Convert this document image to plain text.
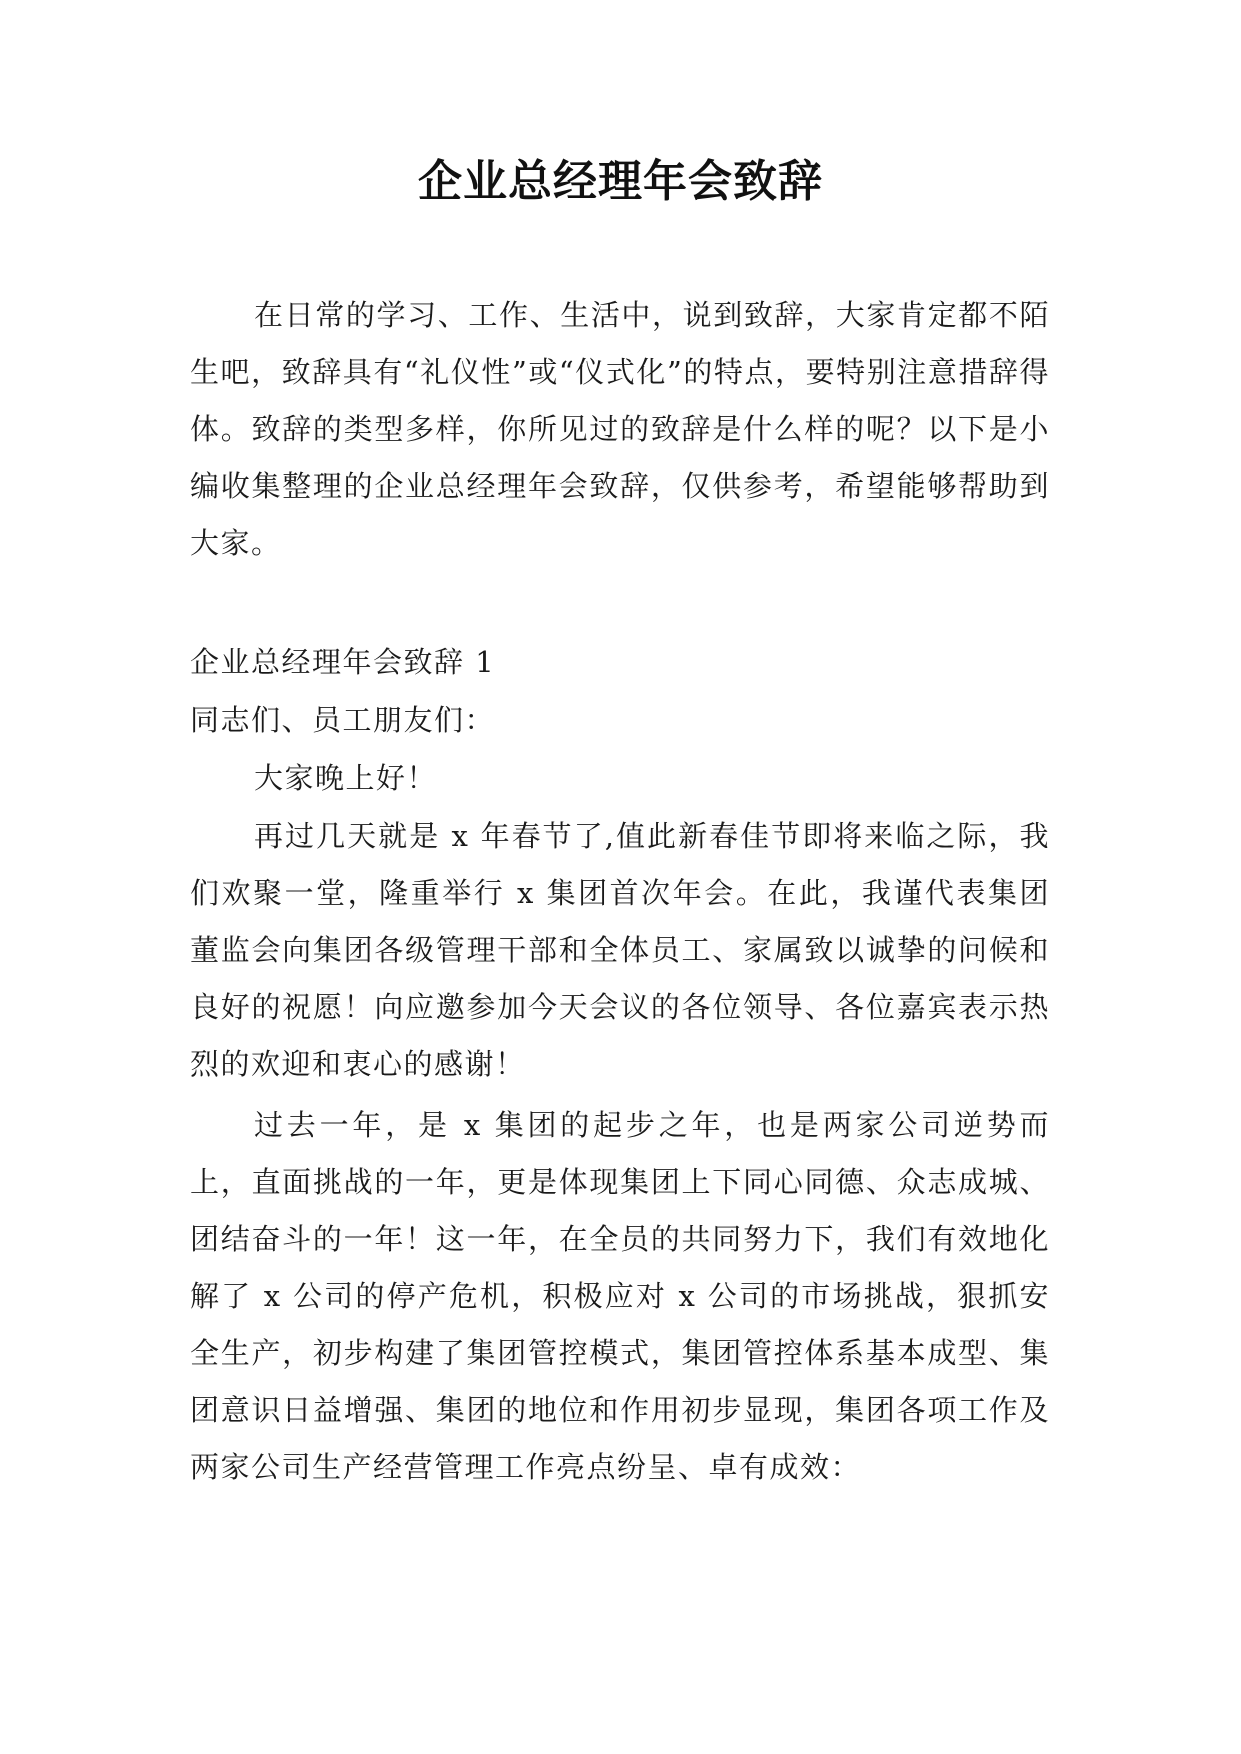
企业总经理年会致辞

在日常的学习、工作、生活中，说到致辞，大家肯定都不陌生吧，致辞具有“礼仪性”或“仪式化”的特点，要特别注意措辞得体。致辞的类型多样，你所见过的致辞是什么样的呢？以下是小编收集整理的企业总经理年会致辞，仅供参考，希望能够帮助到大家。

企业总经理年会致辞 1

同志们、员工朋友们：

大家晚上好！

再过几天就是 x 年春节了,值此新春佳节即将来临之际，我们欢聚一堂，隆重举行 x 集团首次年会。在此，我谨代表集团董监会向集团各级管理干部和全体员工、家属致以诚挚的问候和良好的祝愿！向应邀参加今天会议的各位领导、各位嘉宾表示热烈的欢迎和衷心的感谢！

过去一年，是 x 集团的起步之年，也是两家公司逆势而上，直面挑战的一年，更是体现集团上下同心同德、众志成城、团结奋斗的一年！这一年，在全员的共同努力下，我们有效地化解了 x 公司的停产危机，积极应对 x 公司的市场挑战，狠抓安全生产，初步构建了集团管控模式，集团管控体系基本成型、集团意识日益增强、集团的地位和作用初步显现，集团各项工作及两家公司生产经营管理工作亮点纷呈、卓有成效：
